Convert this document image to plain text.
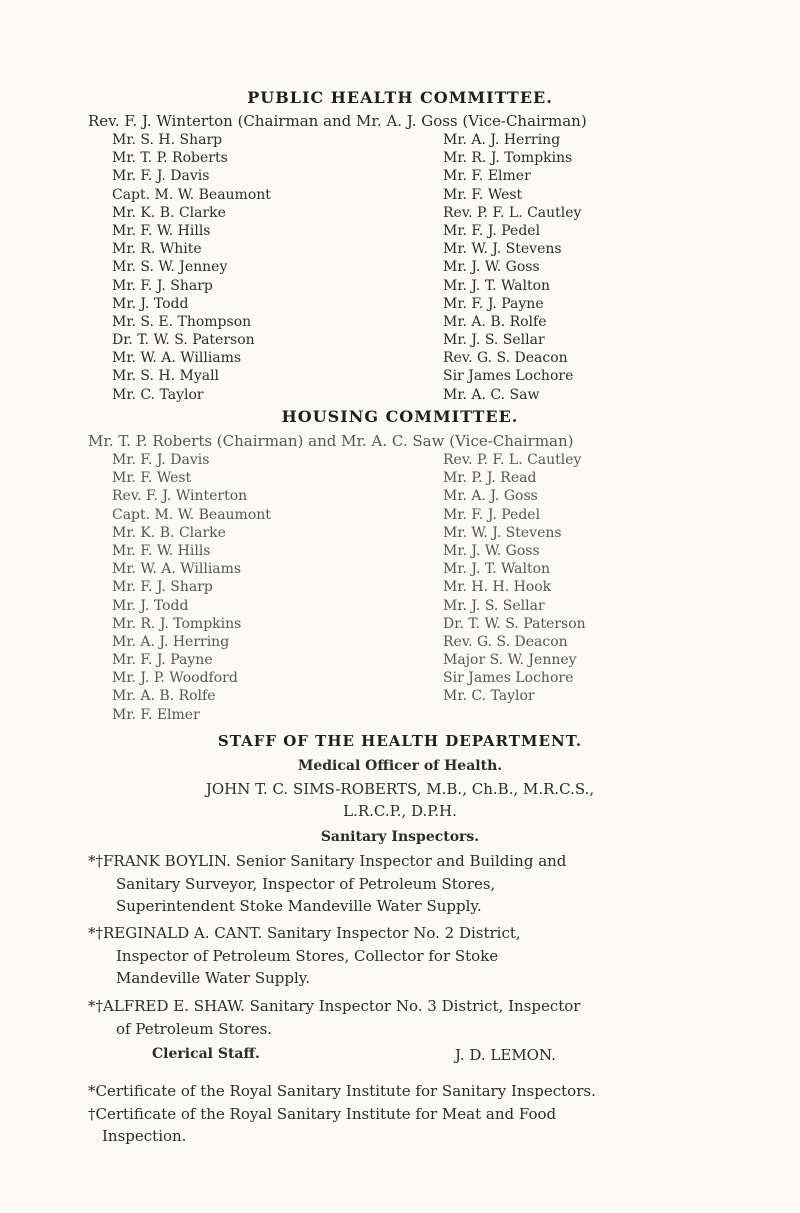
PUBLIC HEALTH COMMITTEE.
Rev. F. J. Winterton (Chairman and Mr. A. J. Goss (Vice-Chairman)
Mr. S. H. Sharp
Mr. T. P. Roberts
Mr. F. J. Davis
Capt. M. W. Beaumont
Mr. K. B. Clarke
Mr. F. W. Hills
Mr. R. White
Mr. S. W. Jenney
Mr. F. J. Sharp
Mr. J. Todd
Mr. S. E. Thompson
Dr. T. W. S. Paterson
Mr. W. A. Williams
Mr. S. H. Myall
Mr. C. Taylor
Mr. A. J. Herring
Mr. R. J. Tompkins
Mr. F. Elmer
Mr. F. West
Rev. P. F. L. Cautley
Mr. F. J. Pedel
Mr. W. J. Stevens
Mr. J. W. Goss
Mr. J. T. Walton
Mr. F. J. Payne
Mr. A. B. Rolfe
Mr. J. S. Sellar
Rev. G. S. Deacon
Sir James Lochore
Mr. A. C. Saw
HOUSING COMMITTEE.
Mr. T. P. Roberts (Chairman) and Mr. A. C. Saw (Vice-Chairman)
Mr. F. J. Davis
Mr. F. West
Rev. F. J. Winterton
Capt. M. W. Beaumont
Mr. K. B. Clarke
Mr. F. W. Hills
Mr. W. A. Williams
Mr. F. J. Sharp
Mr. J. Todd
Mr. R. J. Tompkins
Mr. A. J. Herring
Mr. F. J. Payne
Mr. J. P. Woodford
Mr. A. B. Rolfe
Mr. F. Elmer
Rev. P. F. L. Cautley
Mr. P. J. Read
Mr. A. J. Goss
Mr. F. J. Pedel
Mr. W. J. Stevens
Mr. J. W. Goss
Mr. J. T. Walton
Mr. H. H. Hook
Mr. J. S. Sellar
Dr. T. W. S. Paterson
Rev. G. S. Deacon
Major S. W. Jenney
Sir James Lochore
Mr. C. Taylor
STAFF OF THE HEALTH DEPARTMENT.
Medical Officer of Health.
JOHN T. C. SIMS-ROBERTS, M.B., Ch.B., M.R.C.S.,
L.R.C.P., D.P.H.
Sanitary Inspectors.
*†FRANK BOYLIN. Senior Sanitary Inspector and Building and
Sanitary Surveyor, Inspector of Petroleum Stores,
Superintendent Stoke Mandeville Water Supply.
*†REGINALD A. CANT. Sanitary Inspector No. 2 District,
Inspector of Petroleum Stores, Collector for Stoke
Mandeville Water Supply.
*†ALFRED E. SHAW. Sanitary Inspector No. 3 District, Inspector
of Petroleum Stores.
Clerical Staff.	J. D. LEMON.
*Certificate of the Royal Sanitary Institute for Sanitary Inspectors.
†Certificate of the Royal Sanitary Institute for Meat and Food
Inspection.
